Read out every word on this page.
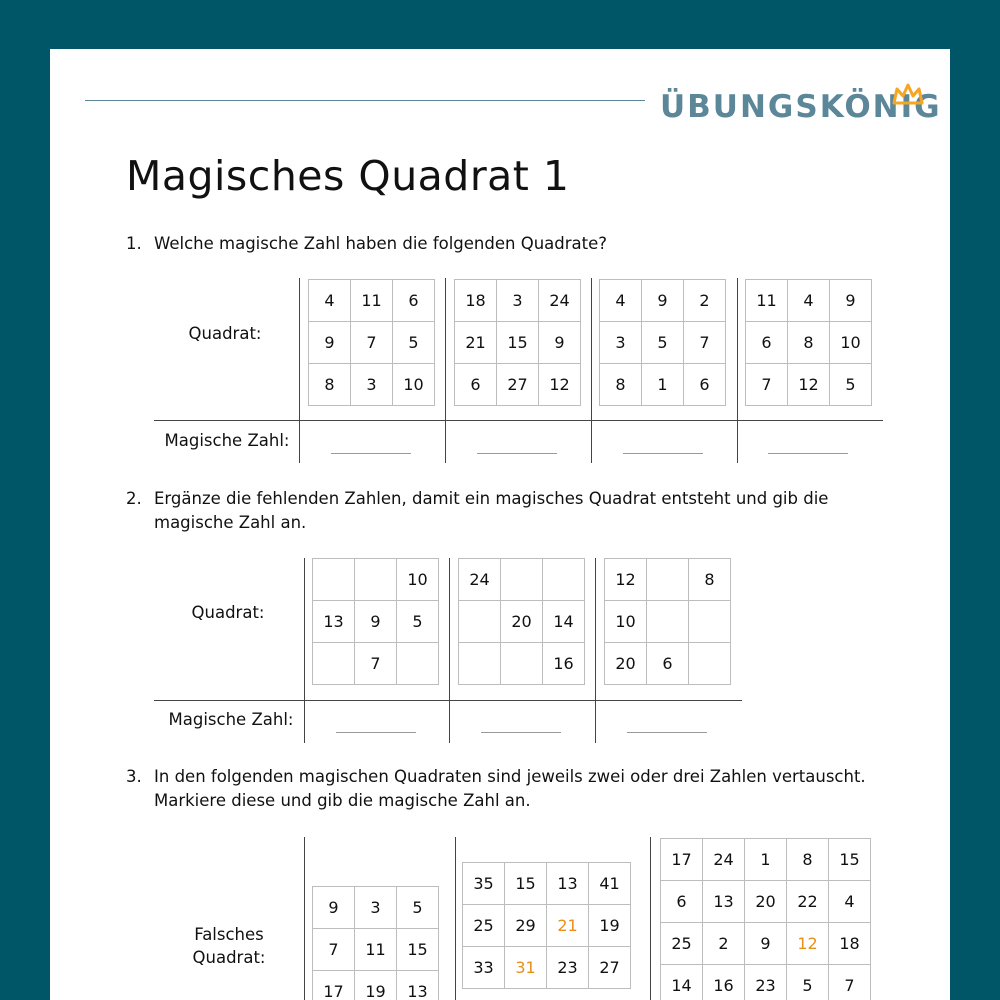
ÜBUNGSKÖNIG
Magisches Quadrat 1
1. Welche magische Zahl haben die folgenden Quadrate?
Quadrat:
Magische Zahl:
4	11	6
9	7	5
8	3	10
18	3	24
21	15	9
6	27	12
4	9	2
3	5	7
8	1	6
11	4	9
6	8	10
7	12	5
2. Ergänze die fehlenden Zahlen, damit ein magisches Quadrat entsteht und gib die
magische Zahl an.
Quadrat:
Magische Zahl:
		10
13	9	5
	7	
24		
	20	14
		16
12		8
10		
20	6	
3. In den folgenden magischen Quadraten sind jeweils zwei oder drei Zahlen vertauscht.
Markiere diese und gib die magische Zahl an.
Falsches
Quadrat:
9	3	5
7	11	15
17	19	13
35	15	13	41
25	29	21	19
33	31	23	27
17	24	1	8	15
6	13	20	22	4
25	2	9	12	18
14	16	23	5	7
